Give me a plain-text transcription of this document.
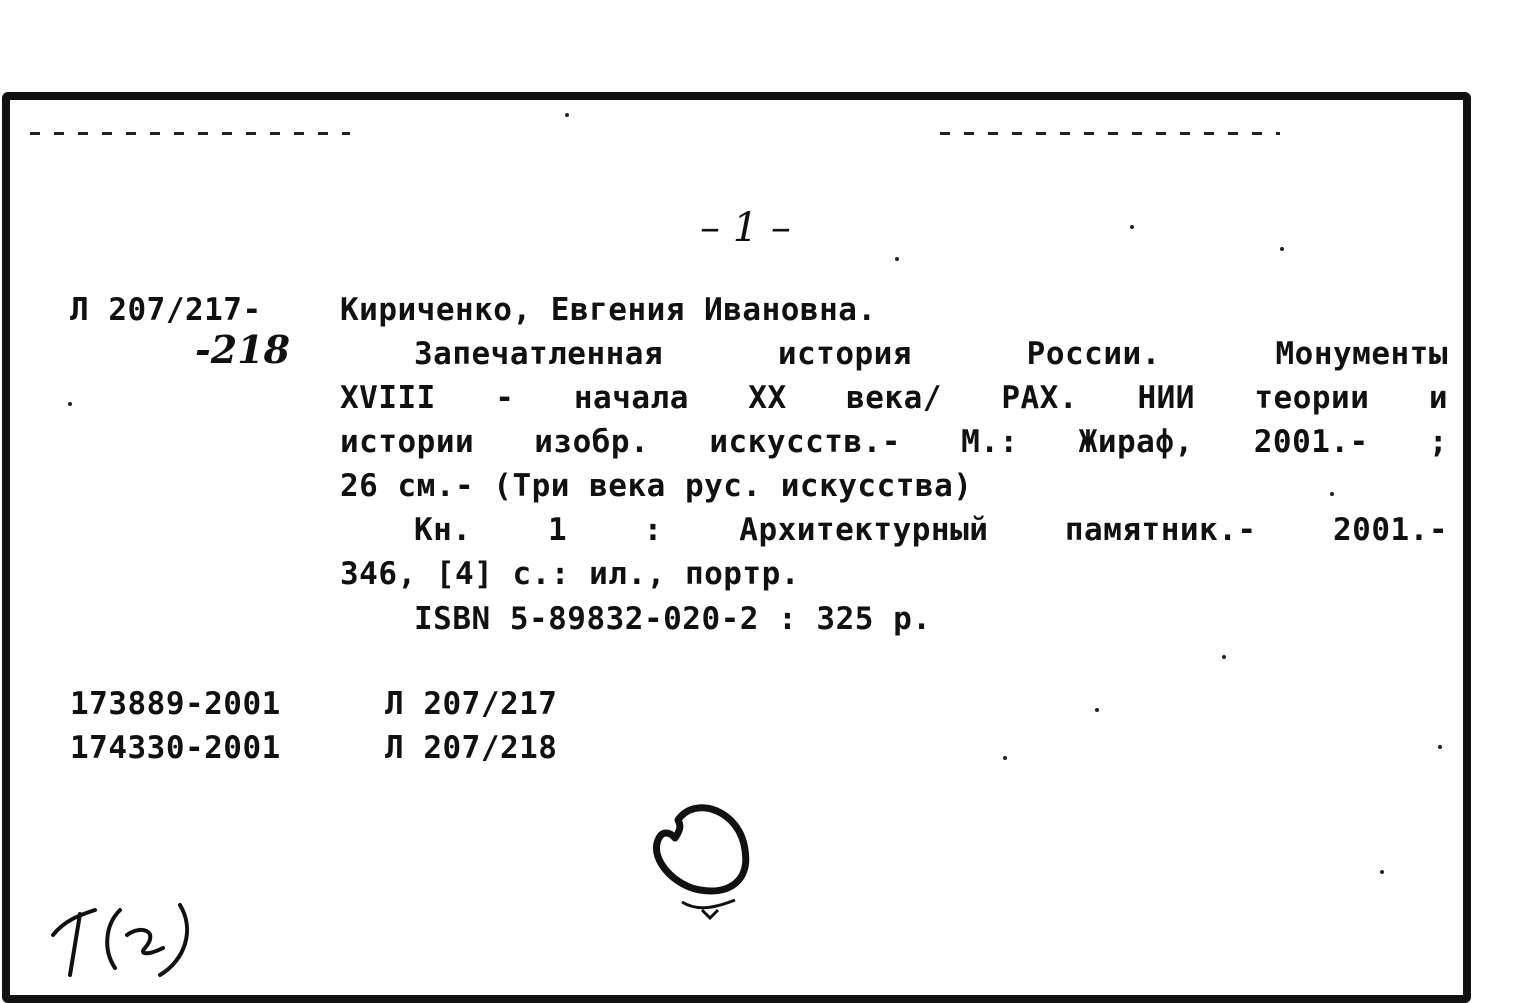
– 1 –
Л 207/217-
-218
Кириченко, Евгения Ивановна.
Запечатленная история России. Монументы
XVIII - начала XX века/ РАХ. НИИ теории и
истории изобр. искусств.- М.: Жираф, 2001.- ;
26 см.- (Три века рус. искусства)
Кн. 1 : Архитектурный памятник.- 2001.-
346, [4] с.: ил., портр.
ISBN 5-89832-020-2 : 325 р.
173889-2001	Л 207/217
174330-2001	Л 207/218
